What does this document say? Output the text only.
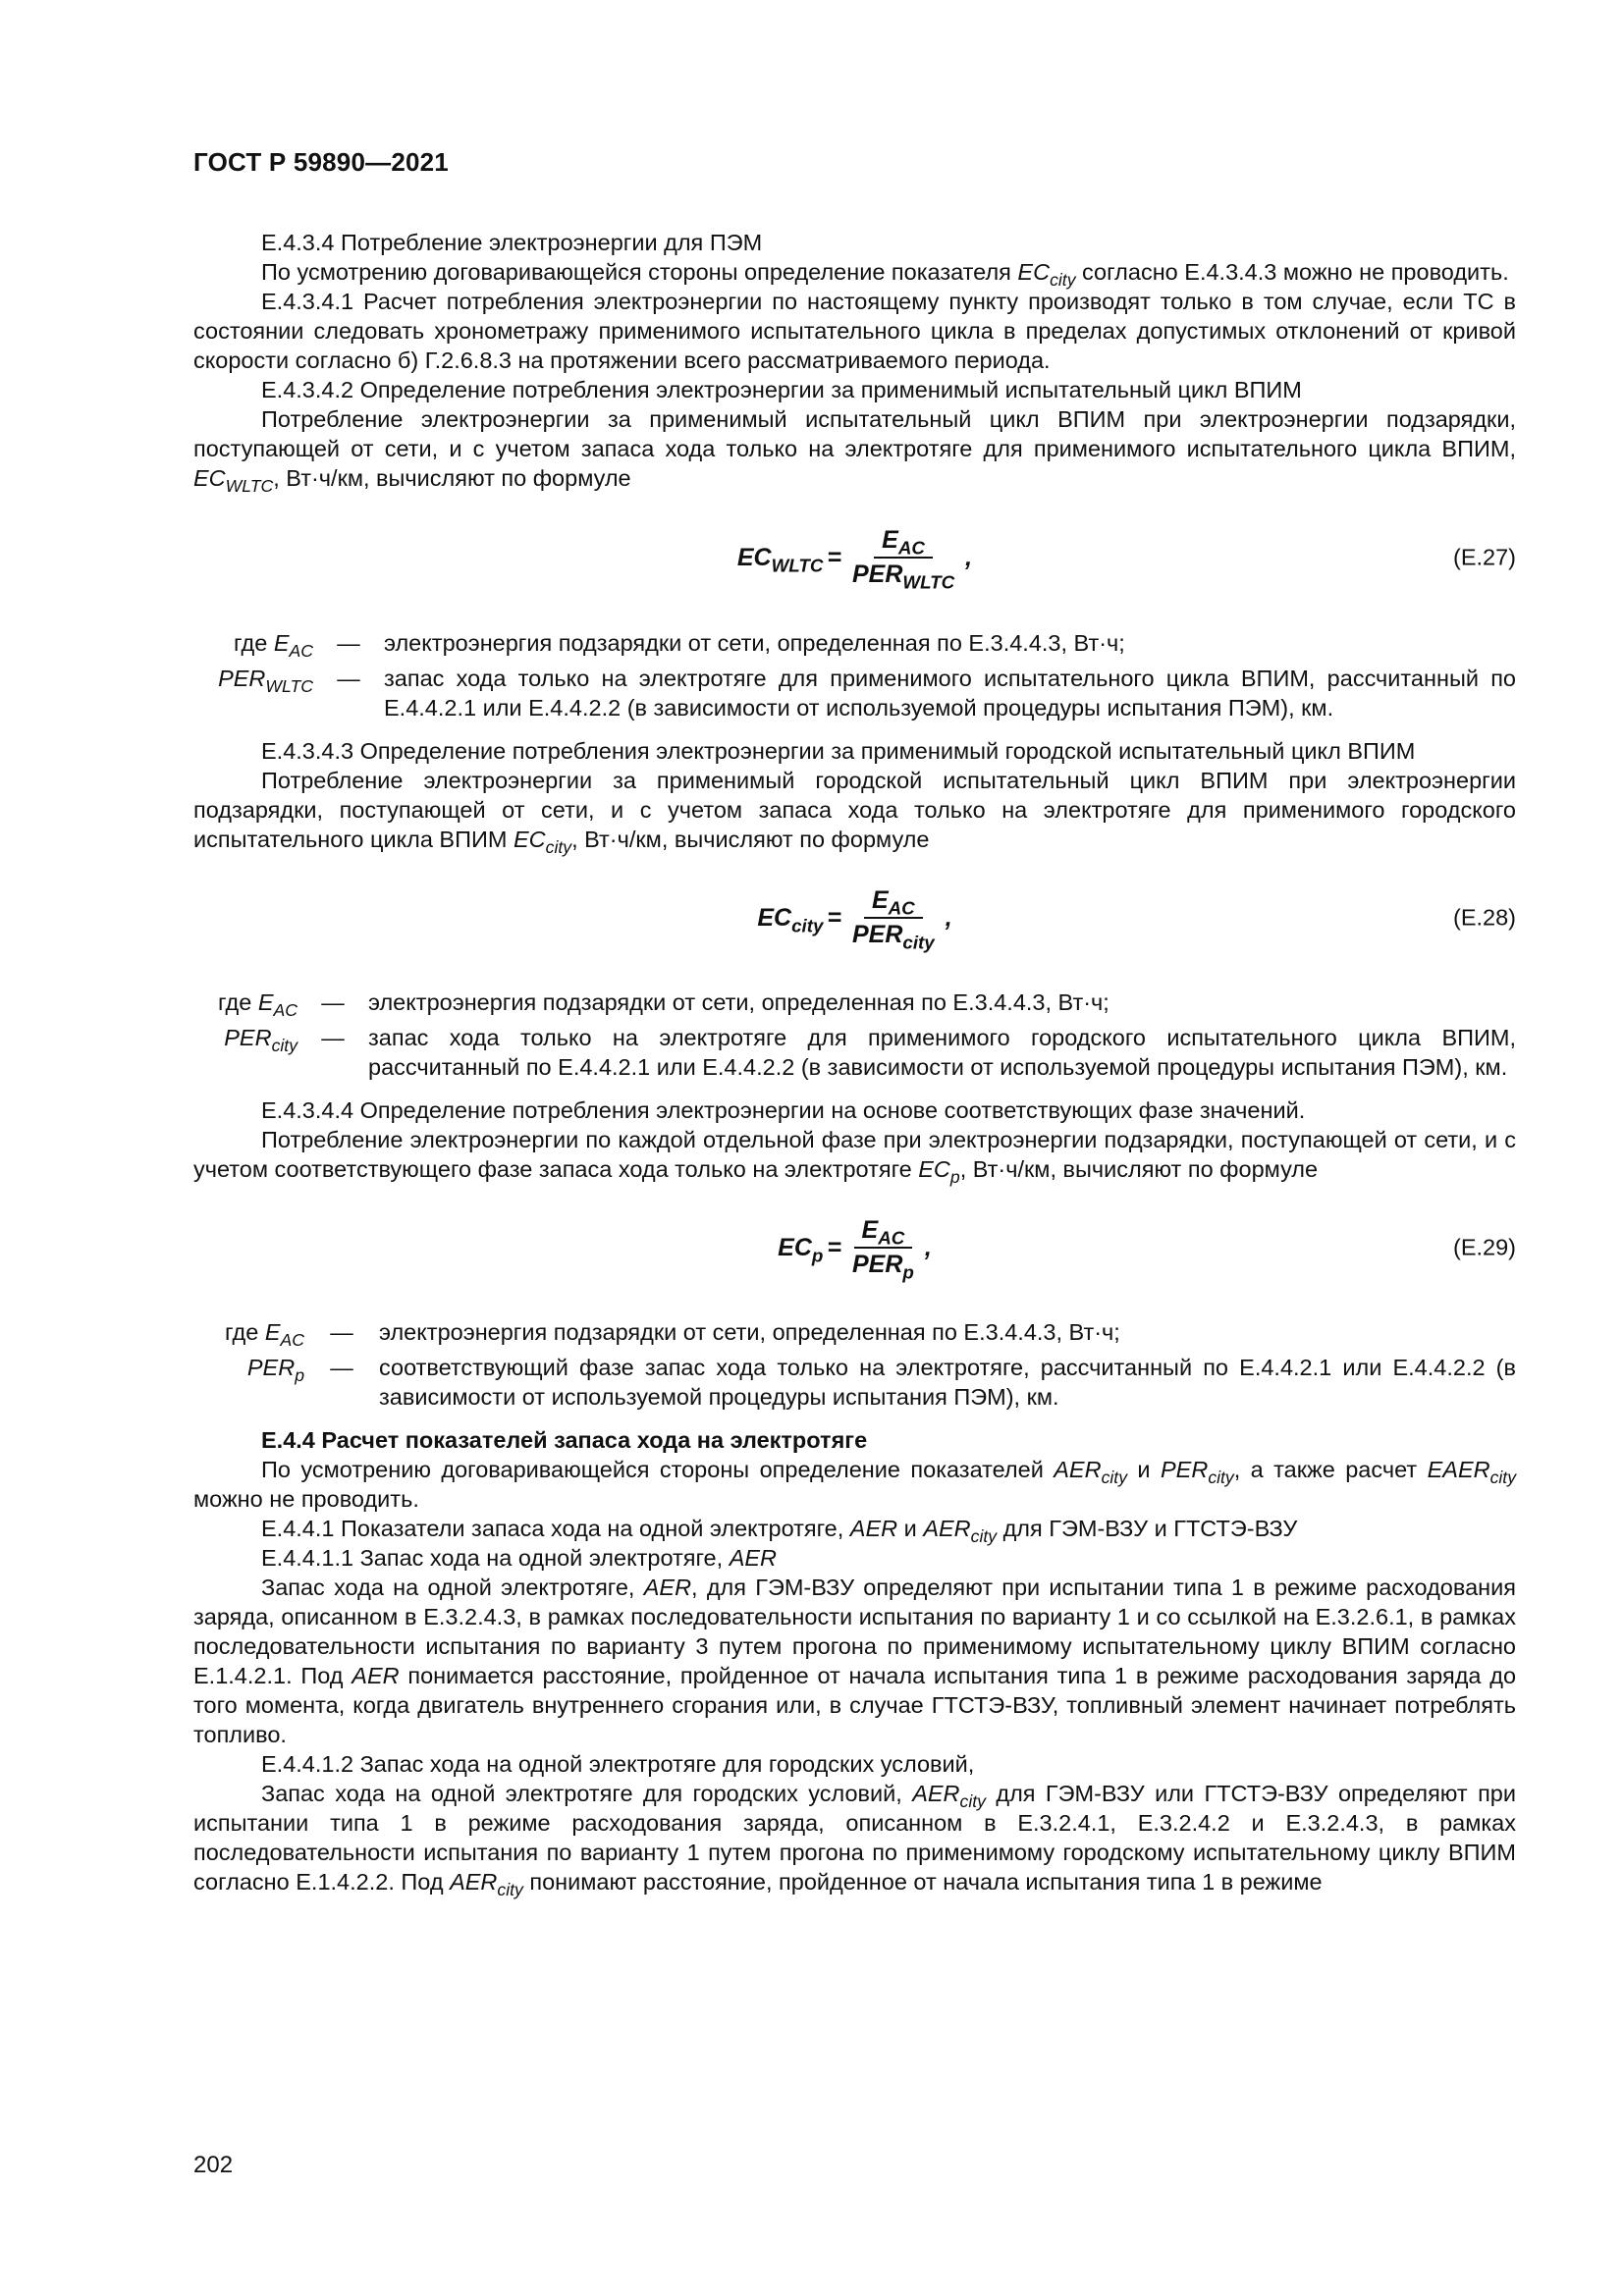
ГОСТ Р 59890—2021

Е.4.3.4 Потребление электроэнергии для ПЭМ

По усмотрению договаривающейся стороны определение показателя $EC_{city}$ согласно Е.4.3.4.3 можно не проводить.

Е.4.3.4.1 Расчет потребления электроэнергии по настоящему пункту производят только в том случае, если ТС в состоянии следовать хронометражу применимого испытательного цикла в пределах допустимых отклонений от кривой скорости согласно б) Г.2.6.8.3 на протяжении всего рассматриваемого периода.

Е.4.3.4.2 Определение потребления электроэнергии за применимый испытательный цикл ВПИМ

Потребление электроэнергии за применимый испытательный цикл ВПИМ при электроэнергии подзарядки, поступающей от сети, и с учетом запаса хода только на электротяге для применимого испытательного цикла ВПИМ, $EC_{WLTC}$, Вт·ч/км, вычисляют по формуле

$EC_{WLTC} = \frac{E_{AC}}{PER_{WLTC}}$ ,	(Е.27)
где $E_{AC}$	—	электроэнергия подзарядки от сети, определенная по Е.3.4.4.3, Вт·ч;
$PER_{WLTC}$	—	запас хода только на электротяге для применимого испытательного цикла ВПИМ, рассчитанный по Е.4.4.2.1 или Е.4.4.2.2 (в зависимости от используемой процедуры испытания ПЭМ), км.

Е.4.3.4.3 Определение потребления электроэнергии за применимый городской испытательный цикл ВПИМ

Потребление электроэнергии за применимый городской испытательный цикл ВПИМ при электроэнергии подзарядки, поступающей от сети, и с учетом запаса хода только на электротяге для применимого городского испытательного цикла ВПИМ $EC_{city}$, Вт·ч/км, вычисляют по формуле

$EC_{city} = \frac{E_{AC}}{PER_{city}}$ ,	(Е.28)
где $E_{AC}$	—	электроэнергия подзарядки от сети, определенная по Е.3.4.4.3, Вт·ч;
$PER_{city}$	—	запас хода только на электротяге для применимого городского испытательного цикла ВПИМ, рассчитанный по Е.4.4.2.1 или Е.4.4.2.2 (в зависимости от используемой процедуры испытания ПЭМ), км.

Е.4.3.4.4 Определение потребления электроэнергии на основе соответствующих фазе значений.

Потребление электроэнергии по каждой отдельной фазе при электроэнергии подзарядки, поступающей от сети, и с учетом соответствующего фазе запаса хода только на электротяге $EC_p$, Вт·ч/км, вычисляют по формуле

$EC_p = \frac{E_{AC}}{PER_p}$ ,	(Е.29)
где $E_{AC}$	—	электроэнергия подзарядки от сети, определенная по Е.3.4.4.3, Вт·ч;
$PER_p$	—	соответствующий фазе запас хода только на электротяге, рассчитанный по Е.4.4.2.1 или Е.4.4.2.2 (в зависимости от используемой процедуры испытания ПЭМ), км.

Е.4.4 Расчет показателей запаса хода на электротяге

По усмотрению договаривающейся стороны определение показателей $AER_{city}$ и $PER_{city}$, а также расчет $EAER_{city}$ можно не проводить.

Е.4.4.1 Показатели запаса хода на одной электротяге, AER и $AER_{city}$ для ГЭМ-ВЗУ и ГТСТЭ-ВЗУ

Е.4.4.1.1 Запас хода на одной электротяге, AER

Запас хода на одной электротяге, AER, для ГЭМ-ВЗУ определяют при испытании типа 1 в режиме расходования заряда, описанном в Е.3.2.4.3, в рамках последовательности испытания по варианту 1 и со ссылкой на Е.3.2.6.1, в рамках последовательности испытания по варианту 3 путем прогона по применимому испытательному циклу ВПИМ согласно Е.1.4.2.1. Под AER понимается расстояние, пройденное от начала испытания типа 1 в режиме расходования заряда до того момента, когда двигатель внутреннего сгорания или, в случае ГТСТЭ-ВЗУ, топливный элемент начинает потреблять топливо.

Е.4.4.1.2 Запас хода на одной электротяге для городских условий,

Запас хода на одной электротяге для городских условий, $AER_{city}$ для ГЭМ-ВЗУ или ГТСТЭ-ВЗУ определяют при испытании типа 1 в режиме расходования заряда, описанном в Е.3.2.4.1, Е.3.2.4.2 и Е.3.2.4.3, в рамках последовательности испытания по варианту 1 путем прогона по применимому городскому испытательному циклу ВПИМ согласно Е.1.4.2.2. Под $AER_{city}$ понимают расстояние, пройденное от начала испытания типа 1 в режиме

202
